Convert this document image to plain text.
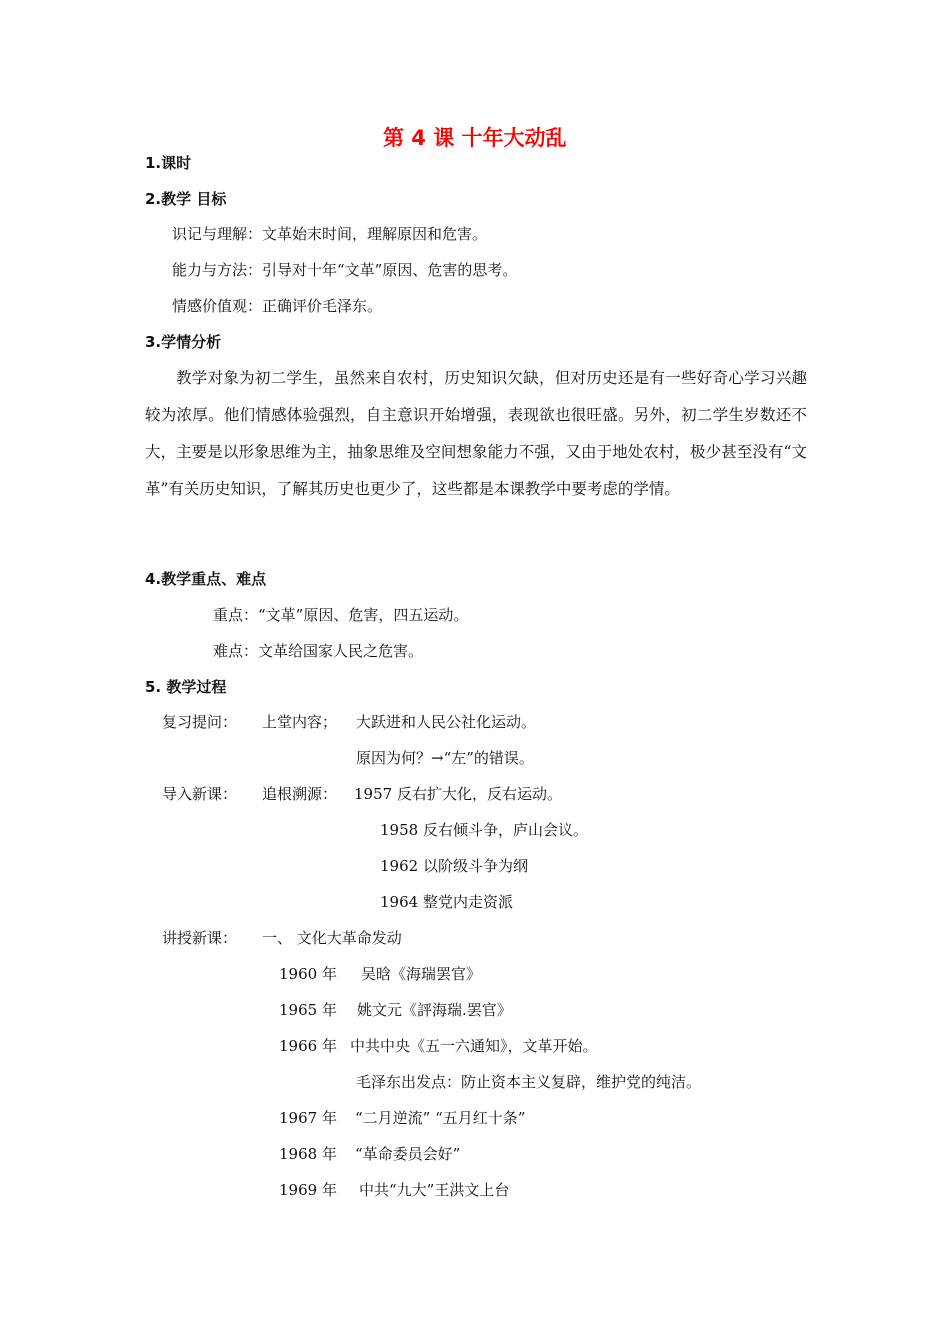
第 4 课 十年大动乱
1.课时
2.教学 目标
识记与理解：文革始末时间，理解原因和危害。
能力与方法：引导对十年“文革”原因、危害的思考。
情感价值观：正确评价毛泽东。
3.学情分析
教学对象为初二学生，虽然来自农村，历史知识欠缺，但对历史还是有一些好奇心学习兴趣较为浓厚。他们情感体验强烈，自主意识开始增强，表现欲也很旺盛。另外，初二学生岁数还不大，主要是以形象思维为主，抽象思维及空间想象能力不强，又由于地处农村，极少甚至没有“文革”有关历史知识，了解其历史也更少了，这些都是本课教学中要考虑的学情。
4.教学重点、难点
重点：“文革”原因、危害，四五运动。
难点：文革给国家人民之危害。
5. 教学过程
复习提问： 上堂内容； 大跃进和人民公社化运动。
原因为何？→“左”的错误。
导入新课： 追根溯源： 1957 反右扩大化，反右运动。
1958 反右倾斗争，庐山会议。
1962 以阶级斗争为纲
1964 整党内走资派
讲授新课： 一、 文化大革命发动
1960 年 吴晗《海瑞罢官》
1965 年 姚文元《評海瑞.罢官》
1966 年 中共中央《五一六通知》，文革开始。
毛泽东出发点：防止资本主义复辟，维护党的纯洁。
1967 年 “二月逆流” “五月红十条”
1968 年 “革命委员会好”
1969 年 中共“九大”王洪文上台
